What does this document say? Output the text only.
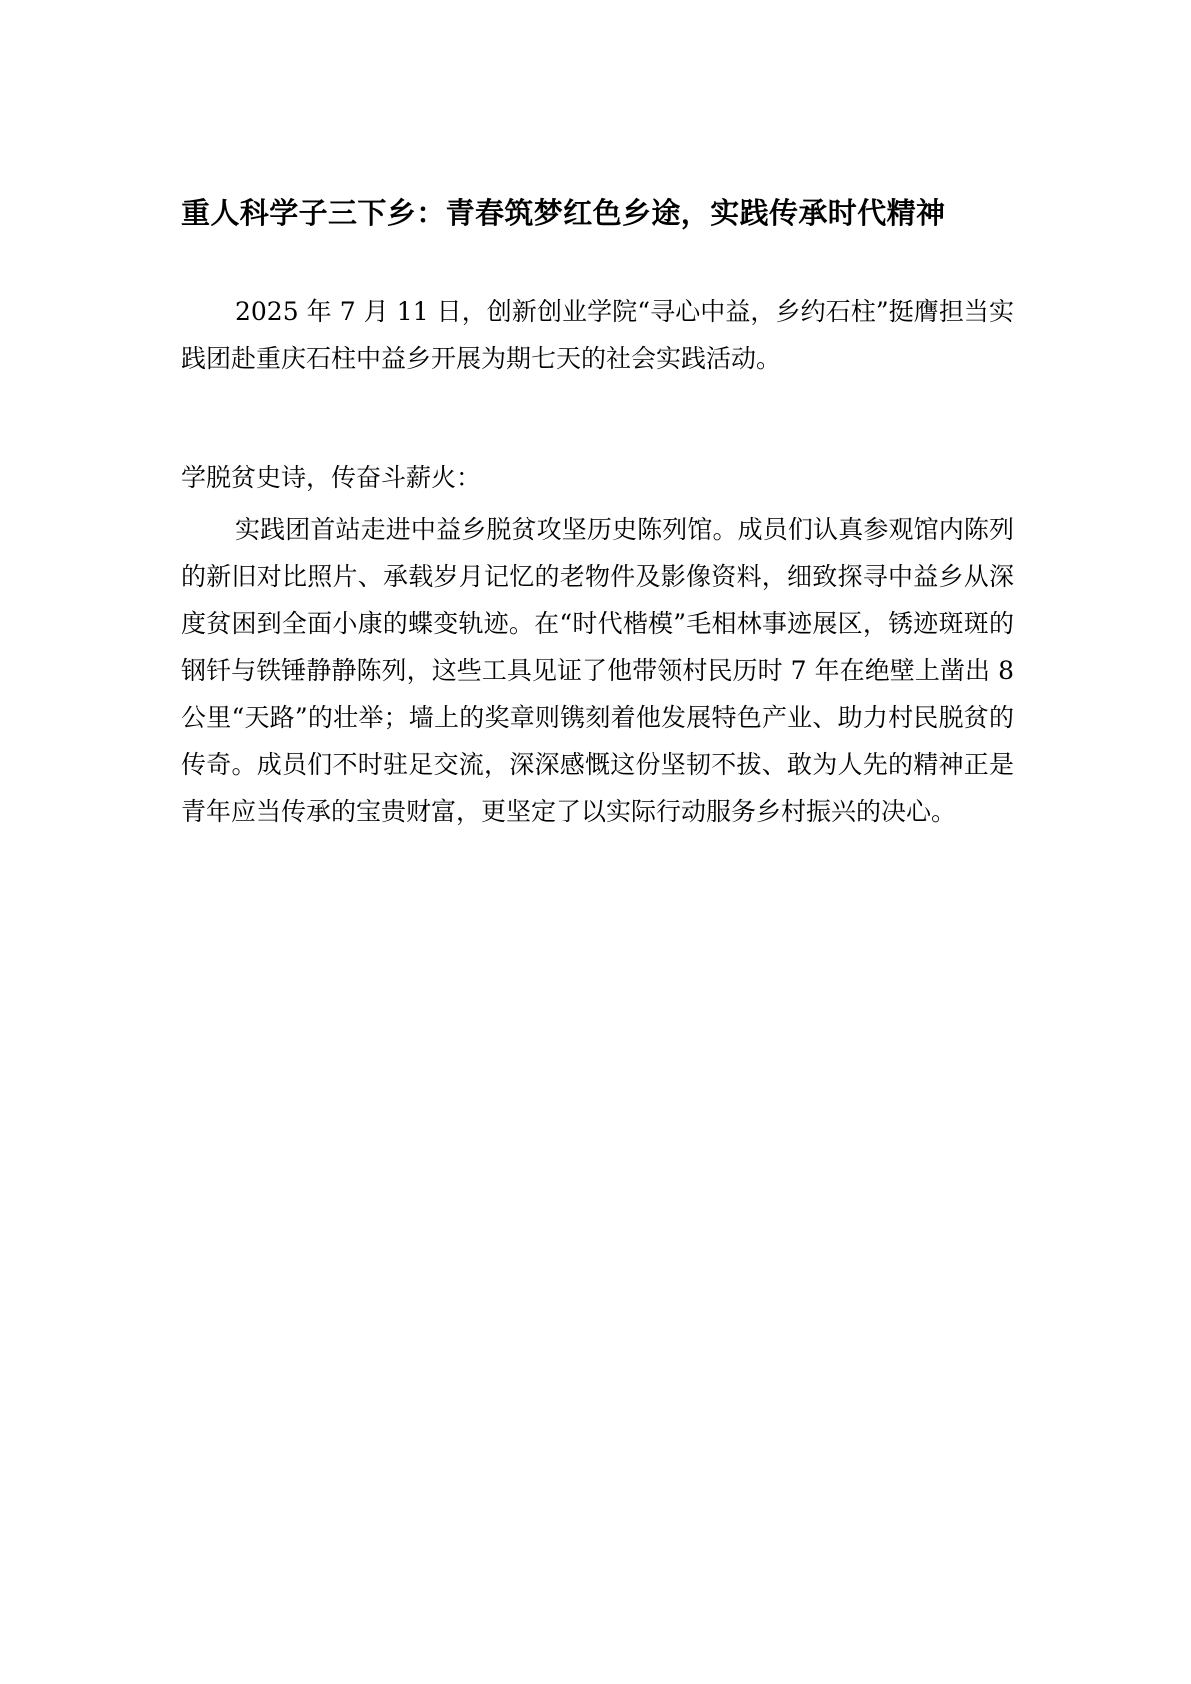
重人科学子三下乡：青春筑梦红色乡途，实践传承时代精神

2025 年 7 月 11 日，创新创业学院“寻心中益，乡约石柱”挺膺担当实践团赴重庆石柱中益乡开展为期七天的社会实践活动。

学脱贫史诗，传奋斗薪火：

实践团首站走进中益乡脱贫攻坚历史陈列馆。成员们认真参观馆内陈列的新旧对比照片、承载岁月记忆的老物件及影像资料，细致探寻中益乡从深度贫困到全面小康的蝶变轨迹。在“时代楷模”毛相林事迹展区，锈迹斑斑的钢钎与铁锤静静陈列，这些工具见证了他带领村民历时 7 年在绝壁上凿出 8 公里“天路”的壮举；墙上的奖章则镌刻着他发展特色产业、助力村民脱贫的传奇。成员们不时驻足交流，深深感慨这份坚韧不拔、敢为人先的精神正是青年应当传承的宝贵财富，更坚定了以实际行动服务乡村振兴的决心。
